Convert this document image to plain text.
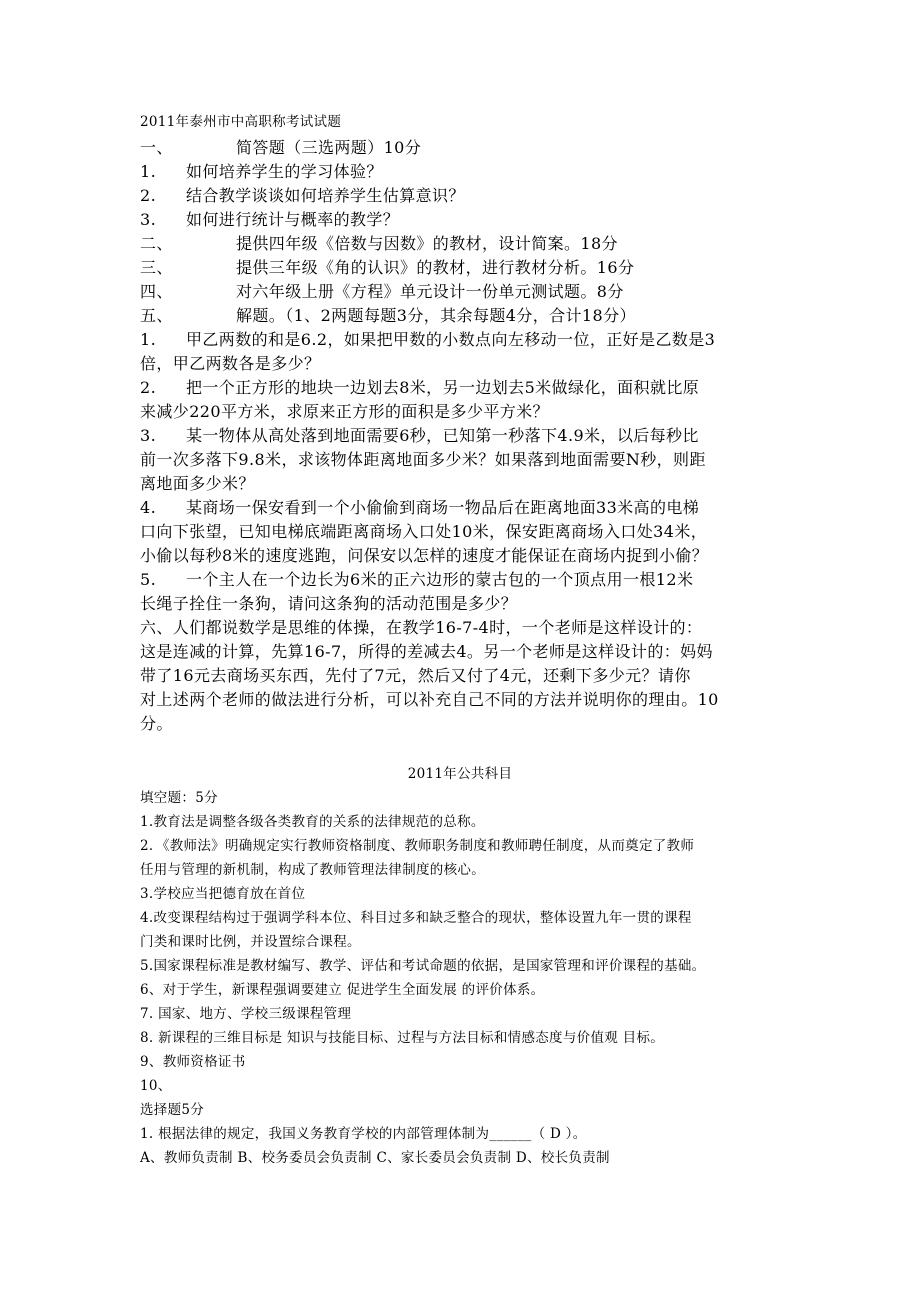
2011年泰州市中高职称考试试题
一、	简答题（三选两题）10分
1. 如何培养学生的学习体验？
2. 结合教学谈谈如何培养学生估算意识？
3. 如何进行统计与概率的教学？
二、	提供四年级《倍数与因数》的教材，设计简案。18分
三、	提供三年级《角的认识》的教材，进行教材分析。16分
四、	对六年级上册《方程》单元设计一份单元测试题。8分
五、	解题。（1、2两题每题3分，其余每题4分，合计18分）
1. 甲乙两数的和是6.2，如果把甲数的小数点向左移动一位，正好是乙数是3
倍，甲乙两数各是多少？
2. 把一个正方形的地块一边划去8米，另一边划去5米做绿化，面积就比原
来减少220平方米，求原来正方形的面积是多少平方米？
3. 某一物体从高处落到地面需要6秒，已知第一秒落下4.9米，以后每秒比
前一次多落下9.8米，求该物体距离地面多少米？如果落到地面需要N秒，则距
离地面多少米？
4. 某商场一保安看到一个小偷偷到商场一物品后在距离地面33米高的电梯
口向下张望，已知电梯底端距离商场入口处10米，保安距离商场入口处34米，
小偷以每秒8米的速度逃跑，问保安以怎样的速度才能保证在商场内捉到小偷？
5. 一个主人在一个边长为6米的正六边形的蒙古包的一个顶点用一根12米
长绳子拴住一条狗，请问这条狗的活动范围是多少？
六、人们都说数学是思维的体操，在教学16-7-4时，一个老师是这样设计的：
这是连减的计算，先算16-7，所得的差减去4。另一个老师是这样设计的：妈妈
带了16元去商场买东西，先付了7元，然后又付了4元，还剩下多少元？请你
对上述两个老师的做法进行分析，可以补充自己不同的方法并说明你的理由。10
分。
2011年公共科目
填空题：5分
1.教育法是调整各级各类教育的关系的法律规范的总称。
2．《教师法》明确规定实行教师资格制度、教师职务制度和教师聘任制度，从而奠定了教师
任用与管理的新机制，构成了教师管理法律制度的核心。
3.学校应当把德育放在首位
4.改变课程结构过于强调学科本位、科目过多和缺乏整合的现状，整体设置九年一贯的课程
门类和课时比例，并设置综合课程。
5.国家课程标准是教材编写、教学、评估和考试命题的依据，是国家管理和评价课程的基础。
6、对于学生，新课程强调要建立 促进学生全面发展 的评价体系。
7. 国家、地方、学校三级课程管理
8. 新课程的三维目标是 知识与技能目标、过程与方法目标和情感态度与价值观 目标。
9、教师资格证书
10、
选择题5分
1. 根据法律的规定，我国义务教育学校的内部管理体制为______（ D ）。
A、教师负责制 B、校务委员会负责制 C、家长委员会负责制 D、校长负责制
